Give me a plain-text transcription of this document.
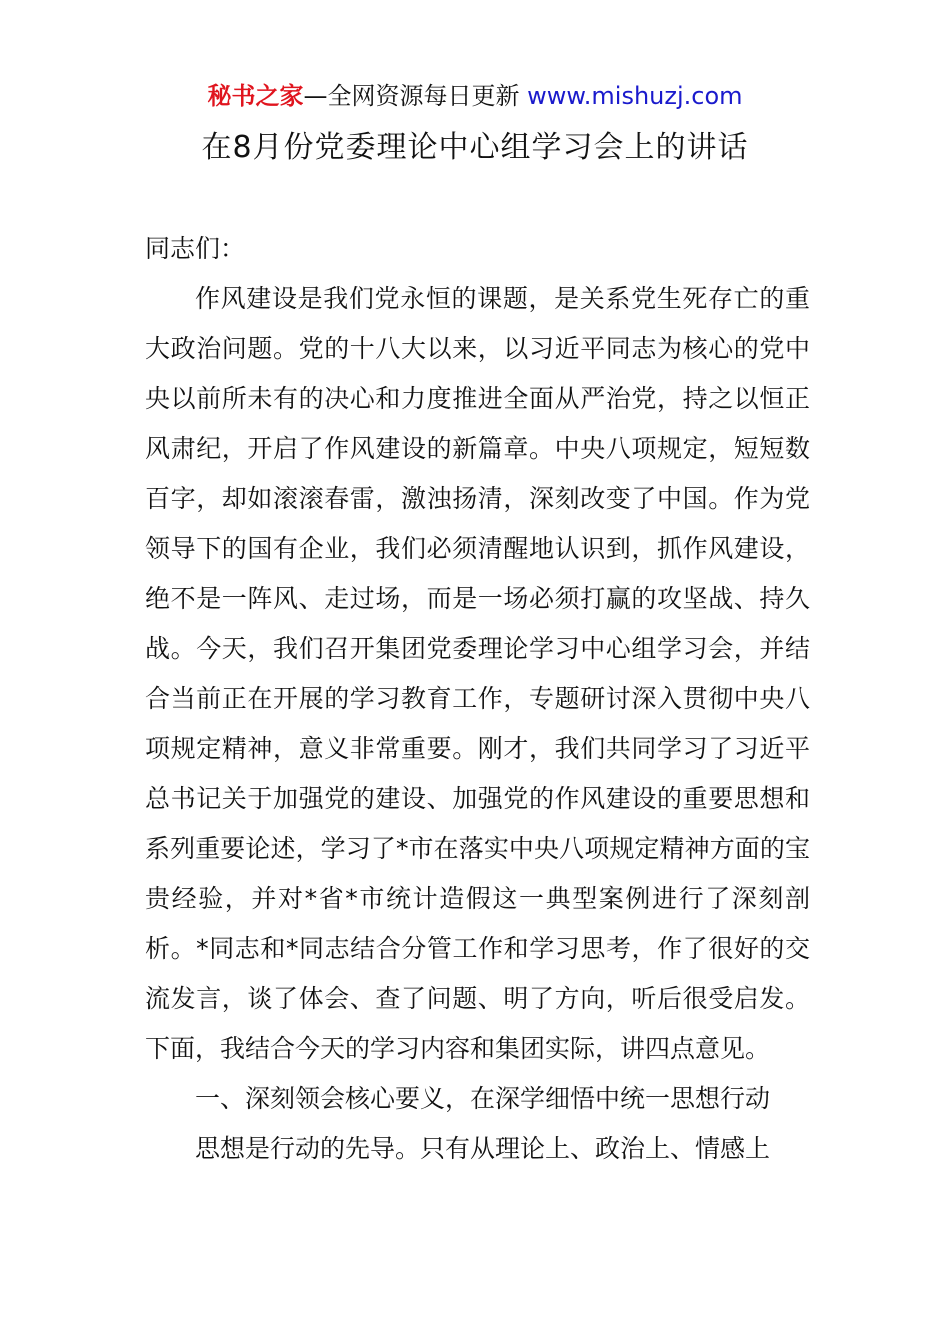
秘书之家—全网资源每日更新 www.mishuzj.com
在8月份党委理论中心组学习会上的讲话

同志们：

作风建设是我们党永恒的课题，是关系党生死存亡的重大政治问题。党的十八大以来，以习近平同志为核心的党中央以前所未有的决心和力度推进全面从严治党，持之以恒正风肃纪，开启了作风建设的新篇章。中央八项规定，短短数百字，却如滚滚春雷，激浊扬清，深刻改变了中国。作为党领导下的国有企业，我们必须清醒地认识到，抓作风建设，绝不是一阵风、走过场，而是一场必须打赢的攻坚战、持久战。今天，我们召开集团党委理论学习中心组学习会，并结合当前正在开展的学习教育工作，专题研讨深入贯彻中央八项规定精神，意义非常重要。刚才，我们共同学习了习近平总书记关于加强党的建设、加强党的作风建设的重要思想和系列重要论述，学习了*市在落实中央八项规定精神方面的宝贵经验，并对*省*市统计造假这一典型案例进行了深刻剖析。*同志和*同志结合分管工作和学习思考，作了很好的交流发言，谈了体会、查了问题、明了方向，听后很受启发。下面，我结合今天的学习内容和集团实际，讲四点意见。

一、深刻领会核心要义，在深学细悟中统一思想行动

思想是行动的先导。只有从理论上、政治上、情感上
